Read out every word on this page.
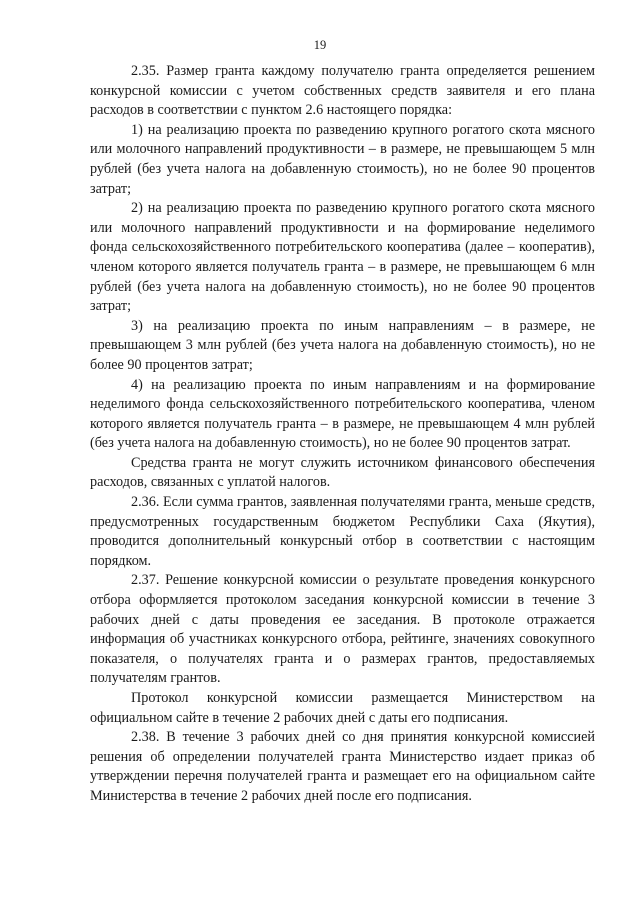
19

2.35. Размер гранта каждому получателю гранта определяется решением конкурсной комиссии с учетом собственных средств заявителя и его плана расходов в соответствии с пунктом 2.6 настоящего порядка:

1) на реализацию проекта по разведению крупного рогатого скота мясного или молочного направлений продуктивности – в размере, не превышающем 5 млн рублей (без учета налога на добавленную стоимость), но не более 90 процентов затрат;

2) на реализацию проекта по разведению крупного рогатого скота мясного или молочного направлений продуктивности и на формирование неделимого фонда сельскохозяйственного потребительского кооператива (далее – кооператив), членом которого является получатель гранта – в размере, не превышающем 6 млн рублей (без учета налога на добавленную стоимость), но не более 90 процентов затрат;

3) на реализацию проекта по иным направлениям – в размере, не превышающем 3 млн рублей (без учета налога на добавленную стоимость), но не более 90 процентов затрат;

4) на реализацию проекта по иным направлениям и на формирование неделимого фонда сельскохозяйственного потребительского кооператива, членом которого является получатель гранта – в размере, не превышающем 4 млн рублей (без учета налога на добавленную стоимость), но не более 90 процентов затрат.

Средства гранта не могут служить источником финансового обеспечения расходов, связанных с уплатой налогов.

2.36. Если сумма грантов, заявленная получателями гранта, меньше средств, предусмотренных государственным бюджетом Республики Саха (Якутия), проводится дополнительный конкурсный отбор в соответствии с настоящим порядком.

2.37. Решение конкурсной комиссии о результате проведения конкурсного отбора оформляется протоколом заседания конкурсной комиссии в течение 3 рабочих дней с даты проведения ее заседания. В протоколе отражается информация об участниках конкурсного отбора, рейтинге, значениях совокупного показателя, о получателях гранта и о размерах грантов, предоставляемых получателям грантов.

Протокол конкурсной комиссии размещается Министерством на официальном сайте в течение 2 рабочих дней с даты его подписания.

2.38. В течение 3 рабочих дней со дня принятия конкурсной комиссией решения об определении получателей гранта Министерство издает приказ об утверждении перечня получателей гранта и размещает его на официальном сайте Министерства в течение 2 рабочих дней после его подписания.
